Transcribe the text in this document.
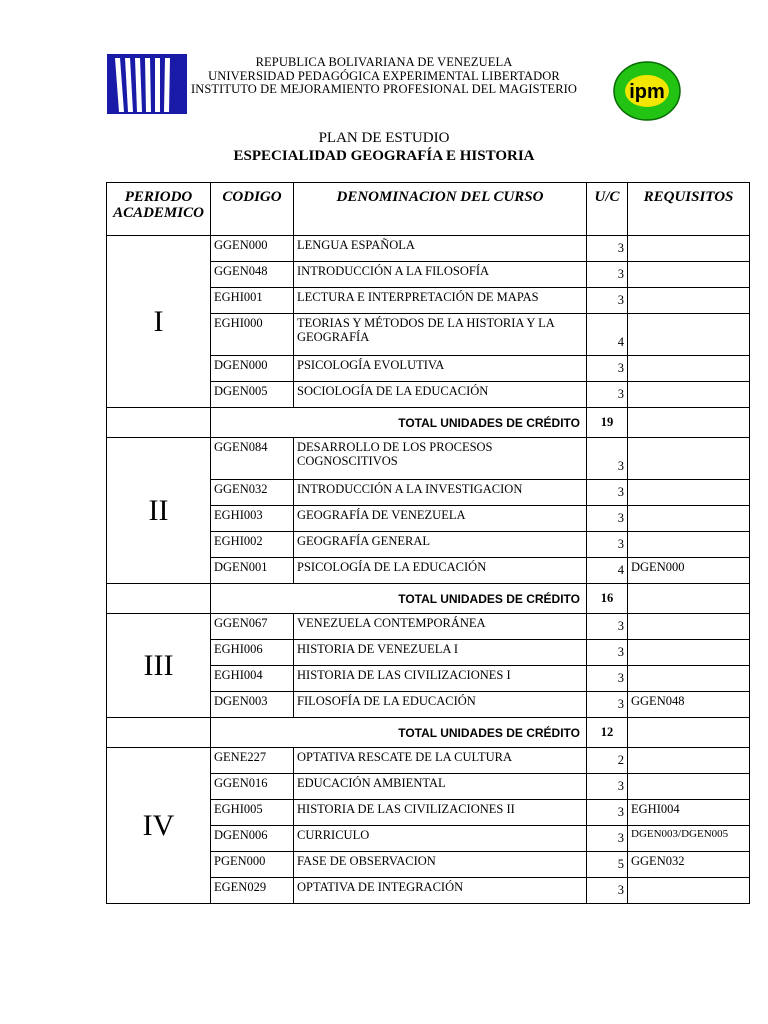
REPUBLICA BOLIVARIANA DE VENEZUELA
UNIVERSIDAD PEDAGÓGICA EXPERIMENTAL LIBERTADOR
INSTITUTO DE MEJORAMIENTO PROFESIONAL DEL MAGISTERIO	ipm
PLAN DE ESTUDIO
ESPECIALIDAD GEOGRAFÍA E HISTORIA
PERIODO
ACADEMICO	CODIGO	DENOMINACION DEL CURSO	U/C	REQUISITOS
I	GGEN000	LENGUA ESPAÑOLA	3	
	GGEN048	INTRODUCCIÓN A LA FILOSOFÍA	3	
	EGHI001	LECTURA E INTERPRETACIÓN DE MAPAS	3	
	EGHI000	TEORIAS Y MÉTODOS DE LA HISTORIA Y LA GEOGRAFÍA	4	
	DGEN000	PSICOLOGÍA EVOLUTIVA	3	
	DGEN005	SOCIOLOGÍA DE LA EDUCACIÓN	3	
	TOTAL UNIDADES DE CRÉDITO		19	
II	GGEN084	DESARROLLO DE LOS PROCESOS COGNOSCITIVOS	3	
	GGEN032	INTRODUCCIÓN A LA INVESTIGACION	3	
	EGHI003	GEOGRAFÍA DE VENEZUELA	3	
	EGHI002	GEOGRAFÍA GENERAL	3	
	DGEN001	PSICOLOGÍA DE LA EDUCACIÓN	4	DGEN000
	TOTAL UNIDADES DE CRÉDITO		16	
III	GGEN067	VENEZUELA CONTEMPORÁNEA	3	
	EGHI006	HISTORIA DE VENEZUELA I	3	
	EGHI004	HISTORIA DE LAS CIVILIZACIONES I	3	
	DGEN003	FILOSOFÍA DE LA EDUCACIÓN	3	GGEN048
	TOTAL UNIDADES DE CRÉDITO		12	
IV	GENE227	OPTATIVA RESCATE DE LA CULTURA	2	
	GGEN016	EDUCACIÓN AMBIENTAL	3	
	EGHI005	HISTORIA DE LAS CIVILIZACIONES II	3	EGHI004
	DGEN006	CURRICULO	3	DGEN003/DGEN005
	PGEN000	FASE DE OBSERVACION	5	GGEN032
	EGEN029	OPTATIVA DE INTEGRACIÓN	3	
